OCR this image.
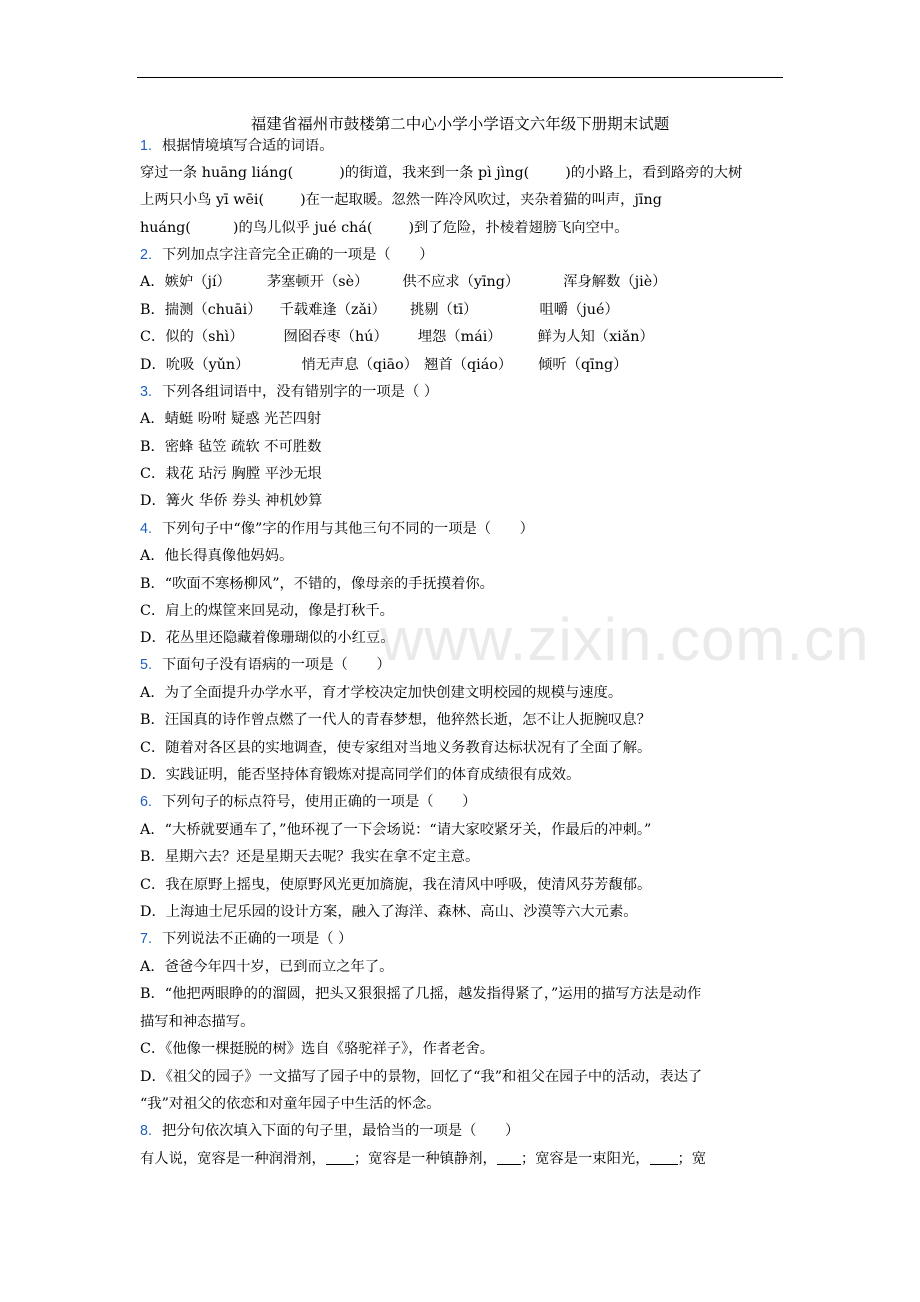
福建省福州市鼓楼第二中心小学小学语文六年级下册期末试题
www.zixin.com.cn
1. 根据情境填写合适的词语。
穿过一条 huāng liáng(	)的街道，我来到一条 pì jìng(	)的小路上，看到路旁的大树
上两只小鸟 yī wēi(	)在一起取暖。忽然一阵冷风吹过，夹杂着猫的叫声，jīng
huáng(	)的鸟儿似乎 jué chá(	)到了危险，扑棱着翅膀飞向空中。
2. 下列加点字注音完全正确的一项是（　　）
A．嫉妒（jí）	茅塞顿开（sè） 供不应求（yīng）	浑身解数（jiè）
B．揣测（chuāi） 千载难逢（zǎi） 挑剔（tī）	咀嚼（jué）
C．似的（shì）	囫囵吞枣（hú） 埋怨（mái）	鲜为人知（xiǎn）
D．吮吸（yǔn）	悄无声息（qiāo） 翘首（qiáo） 倾听（qīng）
3. 下列各组词语中，没有错别字的一项是（ ）
A．蜻蜓 吩咐 疑惑 光芒四射
B．密蜂 毡笠 疏软 不可胜数
C．栽花 玷污 胸膛 平沙无垠
D．篝火 华侨 券头 神机妙算
4. 下列句子中“像”字的作用与其他三句不同的一项是（　　）
A．他长得真像他妈妈。
B．“吹面不寒杨柳风”，不错的，像母亲的手抚摸着你。
C．肩上的煤筐来回晃动，像是打秋千。
D．花丛里还隐藏着像珊瑚似的小红豆。
5. 下面句子没有语病的一项是（　　）
A．为了全面提升办学水平，育才学校决定加快创建文明校园的规模与速度。
B．汪国真的诗作曾点燃了一代人的青春梦想，他猝然长逝，怎不让人扼腕叹息？
C．随着对各区县的实地调查，使专家组对当地义务教育达标状况有了全面了解。
D．实践证明，能否坚持体育锻炼对提高同学们的体育成绩很有成效。
6. 下列句子的标点符号，使用正确的一项是（　　）
A．“大桥就要通车了，”他环视了一下会场说：“请大家咬紧牙关，作最后的冲刺。”
B．星期六去？还是星期天去呢？我实在拿不定主意。
C．我在原野上摇曳，使原野风光更加旖旎，我在清风中呼吸，使清风芬芳馥郁。
D．上海迪士尼乐园的设计方案，融入了海洋、森林、高山、沙漠等六大元素。
7. 下列说法不正确的一项是（ ）
A．爸爸今年四十岁，已到而立之年了。
B．“他把两眼睁的的溜圆，把头又狠狠摇了几摇，越发指得紧了，”运用的描写方法是动作
描写和神态描写。
C．《他像一棵挺脱的树》选自《骆驼祥子》，作者老舍。
D．《祖父的园子》一文描写了园子中的景物，回忆了“我”和祖父在园子中的活动，表达了
“我”对祖父的依恋和对童年园子中生活的怀念。
8. 把分句依次填入下面的句子里，最恰当的一项是（　　）
有人说，宽容是一种润滑剂， ；宽容是一种镇静剂， ；宽容是一束阳光， ；宽
